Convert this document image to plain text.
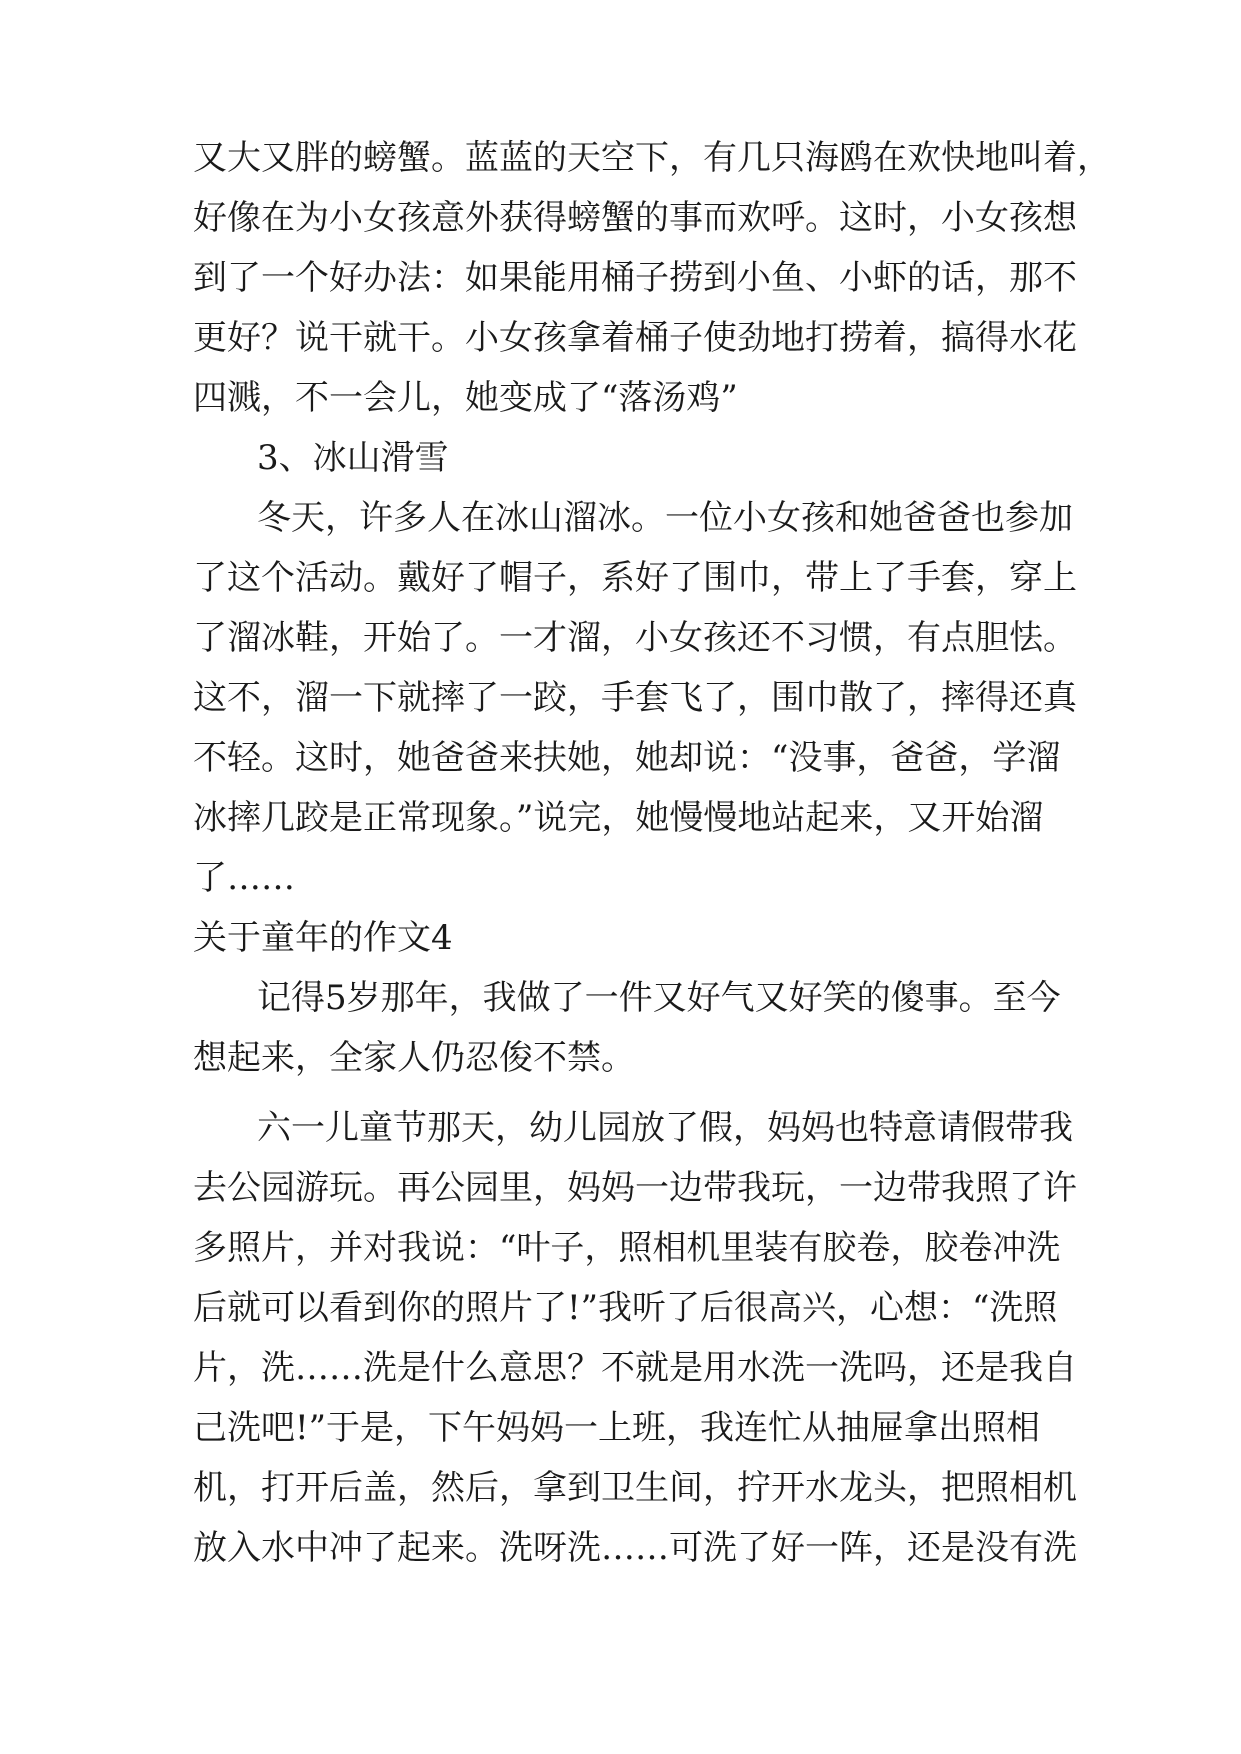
又大又胖的螃蟹。蓝蓝的天空下，有几只海鸥在欢快地叫着，
好像在为小女孩意外获得螃蟹的事而欢呼。这时，小女孩想
到了一个好办法：如果能用桶子捞到小鱼、小虾的话，那不
更好？说干就干。小女孩拿着桶子使劲地打捞着，搞得水花
四溅，不一会儿，她变成了“落汤鸡”
3、冰山滑雪
冬天，许多人在冰山溜冰。一位小女孩和她爸爸也参加
了这个活动。戴好了帽子，系好了围巾，带上了手套，穿上
了溜冰鞋，开始了。一才溜，小女孩还不习惯，有点胆怯。
这不，溜一下就摔了一跤，手套飞了，围巾散了，摔得还真
不轻。这时，她爸爸来扶她，她却说：“没事，爸爸，学溜
冰摔几跤是正常现象。”说完，她慢慢地站起来，又开始溜
了……
关于童年的作文4
记得5岁那年，我做了一件又好气又好笑的傻事。至今
想起来，全家人仍忍俊不禁。
六一儿童节那天，幼儿园放了假，妈妈也特意请假带我
去公园游玩。再公园里，妈妈一边带我玩，一边带我照了许
多照片，并对我说：“叶子，照相机里装有胶卷，胶卷冲洗
后就可以看到你的照片了!”我听了后很高兴，心想：“洗照
片，洗……洗是什么意思？不就是用水洗一洗吗，还是我自
己洗吧!”于是，下午妈妈一上班，我连忙从抽屉拿出照相
机，打开后盖，然后，拿到卫生间，拧开水龙头，把照相机
放入水中冲了起来。洗呀洗……可洗了好一阵，还是没有洗
